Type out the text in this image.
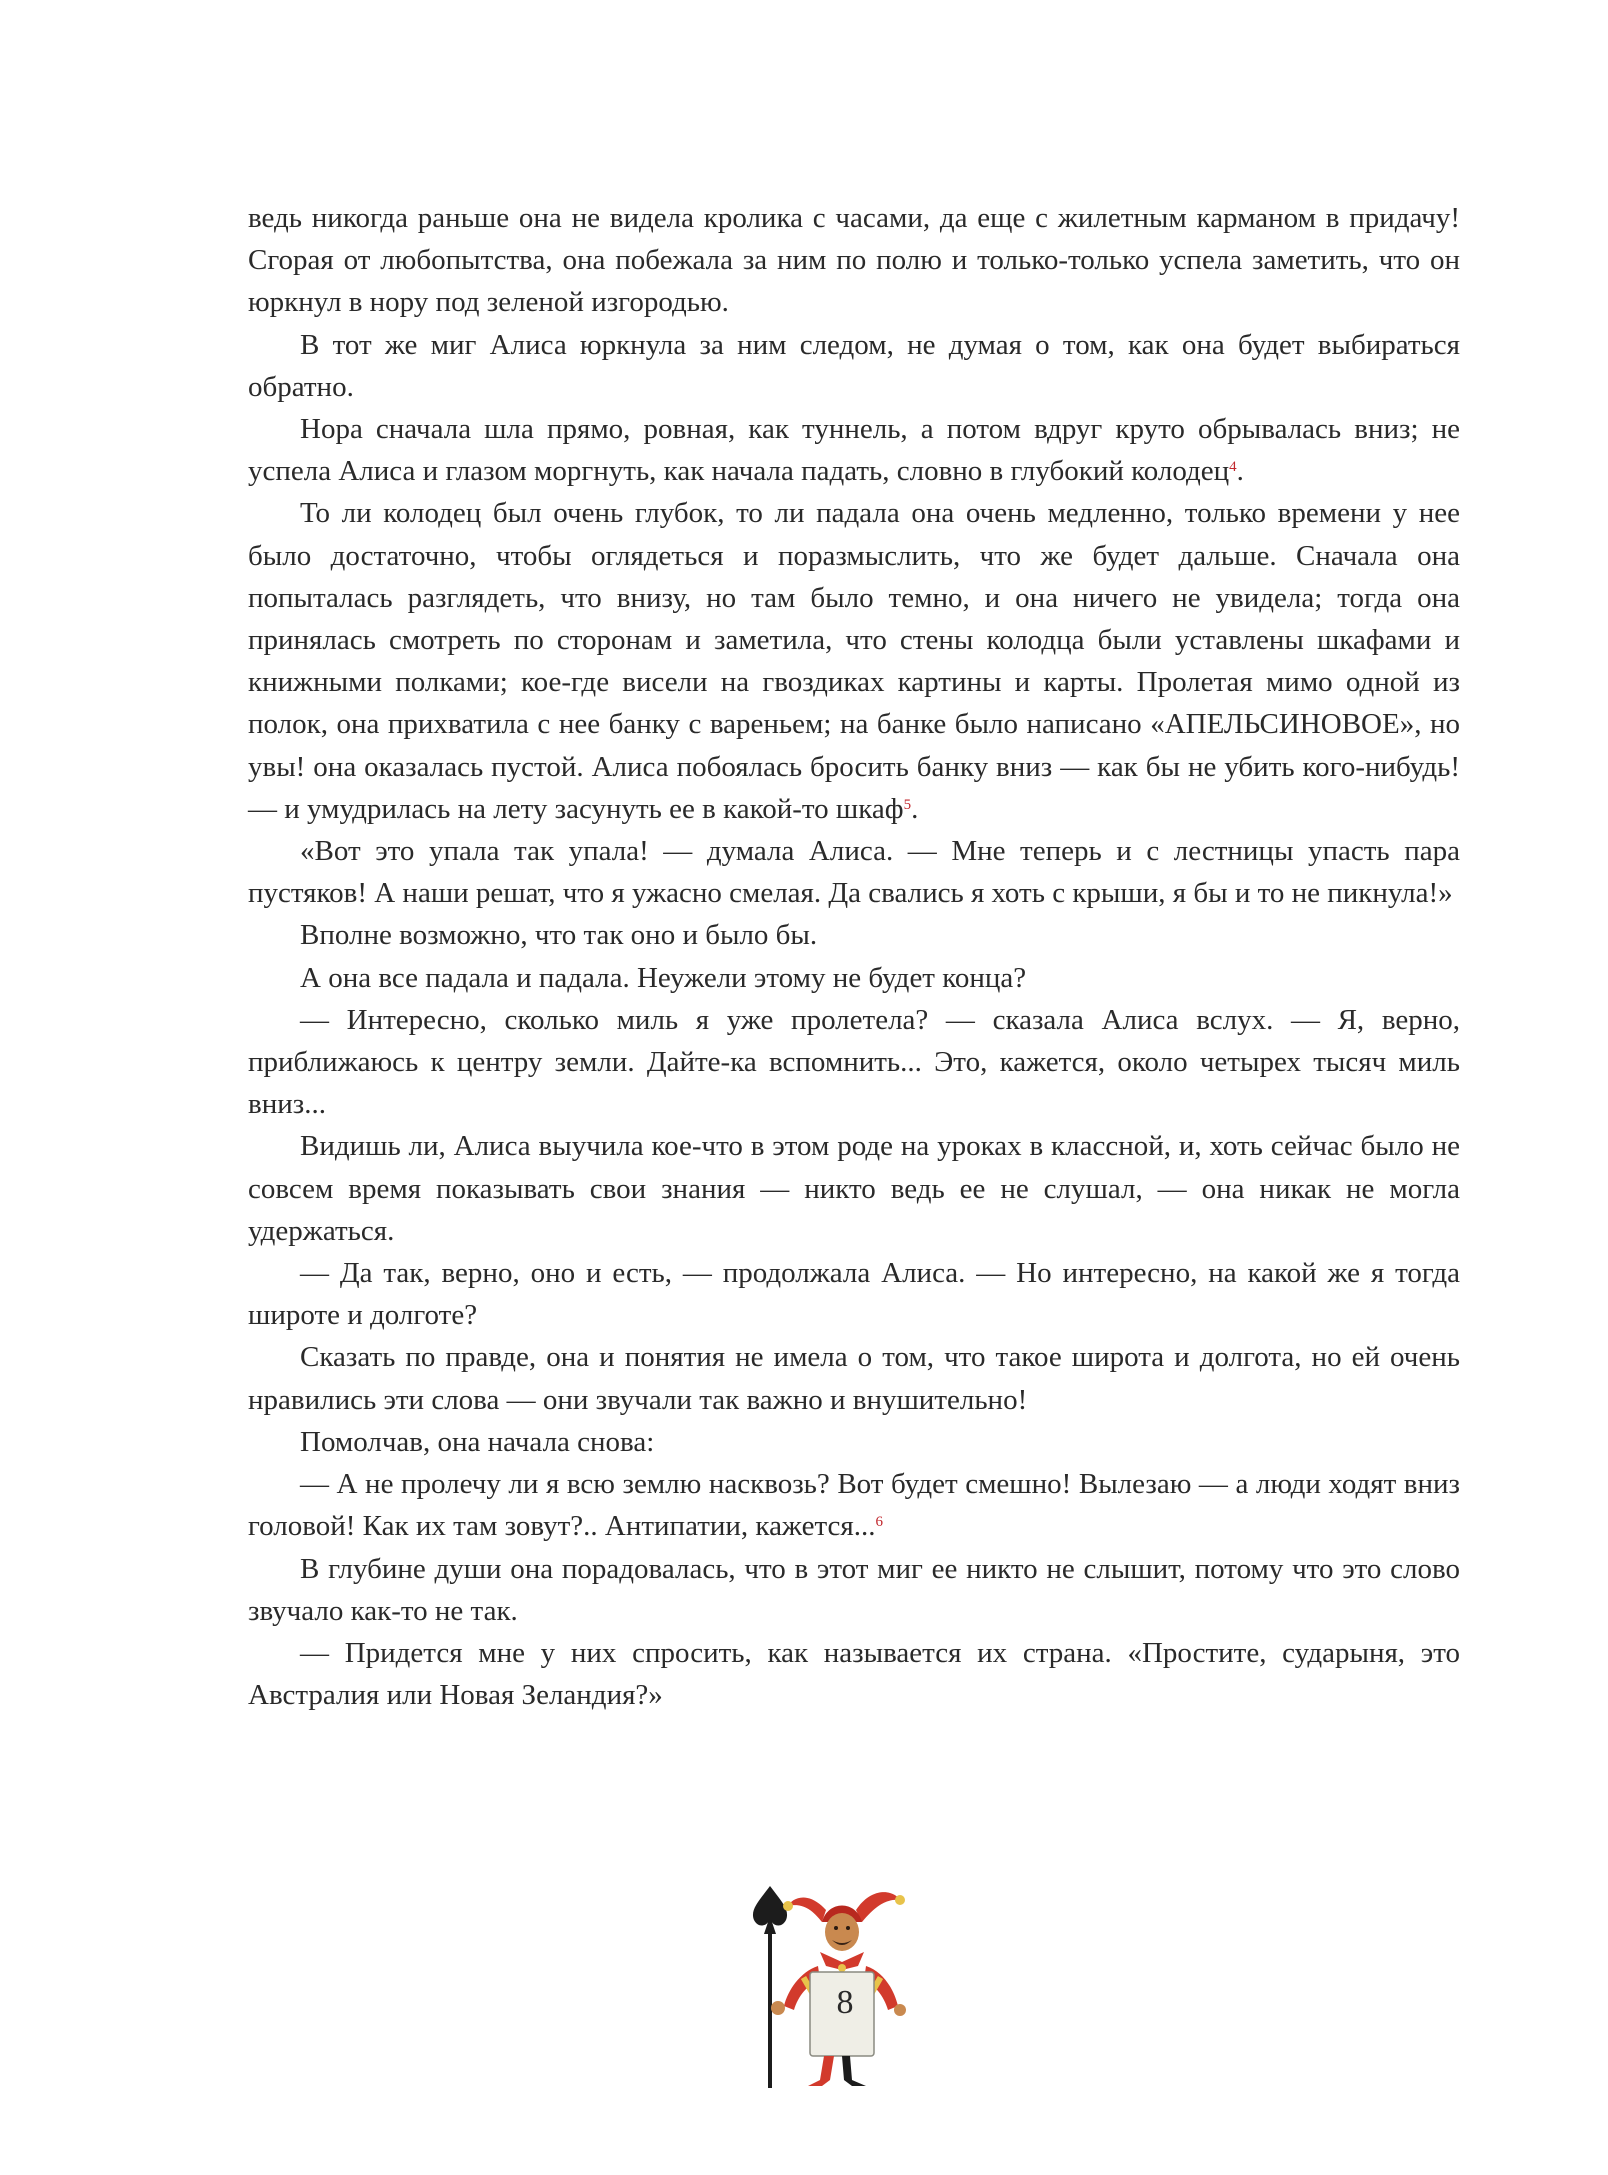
ведь никогда раньше она не видела кролика с часами, да еще с жилетным карманом в придачу! Сгорая от любопытства, она побежала за ним по полю и только-только успела заметить, что он юркнул в нору под зеленой изгородью.

В тот же миг Алиса юркнула за ним следом, не думая о том, как она будет выбираться обратно.

Нора сначала шла прямо, ровная, как туннель, а потом вдруг круто обрывалась вниз; не успела Алиса и глазом моргнуть, как начала падать, словно в глубокий колодец$^4$.

То ли колодец был очень глубок, то ли падала она очень медленно, только времени у нее было достаточно, чтобы оглядеться и поразмыслить, что же будет дальше. Сначала она попыталась разглядеть, что внизу, но там было темно, и она ничего не увидела; тогда она принялась смотреть по сторонам и заметила, что стены колодца были уставлены шкафами и книжными полками; кое-где висели на гвоздиках картины и карты. Пролетая мимо одной из полок, она прихватила с нее банку с вареньем; на банке было написано «АПЕЛЬСИНОВОЕ», но увы! она оказалась пустой. Алиса побоялась бросить банку вниз — как бы не убить кого-нибудь! — и умудрилась на лету засунуть ее в какой-то шкаф$^5$.

«Вот это упала так упала! — думала Алиса. — Мне теперь и с лестницы упасть пара пустяков! А наши решат, что я ужасно смелая. Да свались я хоть с крыши, я бы и то не пикнула!»

Вполне возможно, что так оно и было бы.

А она все падала и падала. Неужели этому не будет конца?

— Интересно, сколько миль я уже пролетела? — сказала Алиса вслух. — Я, верно, приближаюсь к центру земли. Дайте-ка вспомнить... Это, кажется, около четырех тысяч миль вниз...

Видишь ли, Алиса выучила кое-что в этом роде на уроках в классной, и, хоть сейчас было не совсем время показывать свои знания — никто ведь ее не слушал, — она никак не могла удержаться.

— Да так, верно, оно и есть, — продолжала Алиса. — Но интересно, на какой же я тогда широте и долготе?

Сказать по правде, она и понятия не имела о том, что такое широта и долгота, но ей очень нравились эти слова — они звучали так важно и внушительно!

Помолчав, она начала снова:

— А не пролечу ли я всю землю насквозь? Вот будет смешно! Вылезаю — а люди ходят вниз головой! Как их там зовут?.. Антипатии, кажется...$^6$

В глубине души она порадовалась, что в этот миг ее никто не слышит, потому что это слово звучало как-то не так.

— Придется мне у них спросить, как называется их страна. «Простите, сударыня, это Австралия или Новая Зеландия?»

8
